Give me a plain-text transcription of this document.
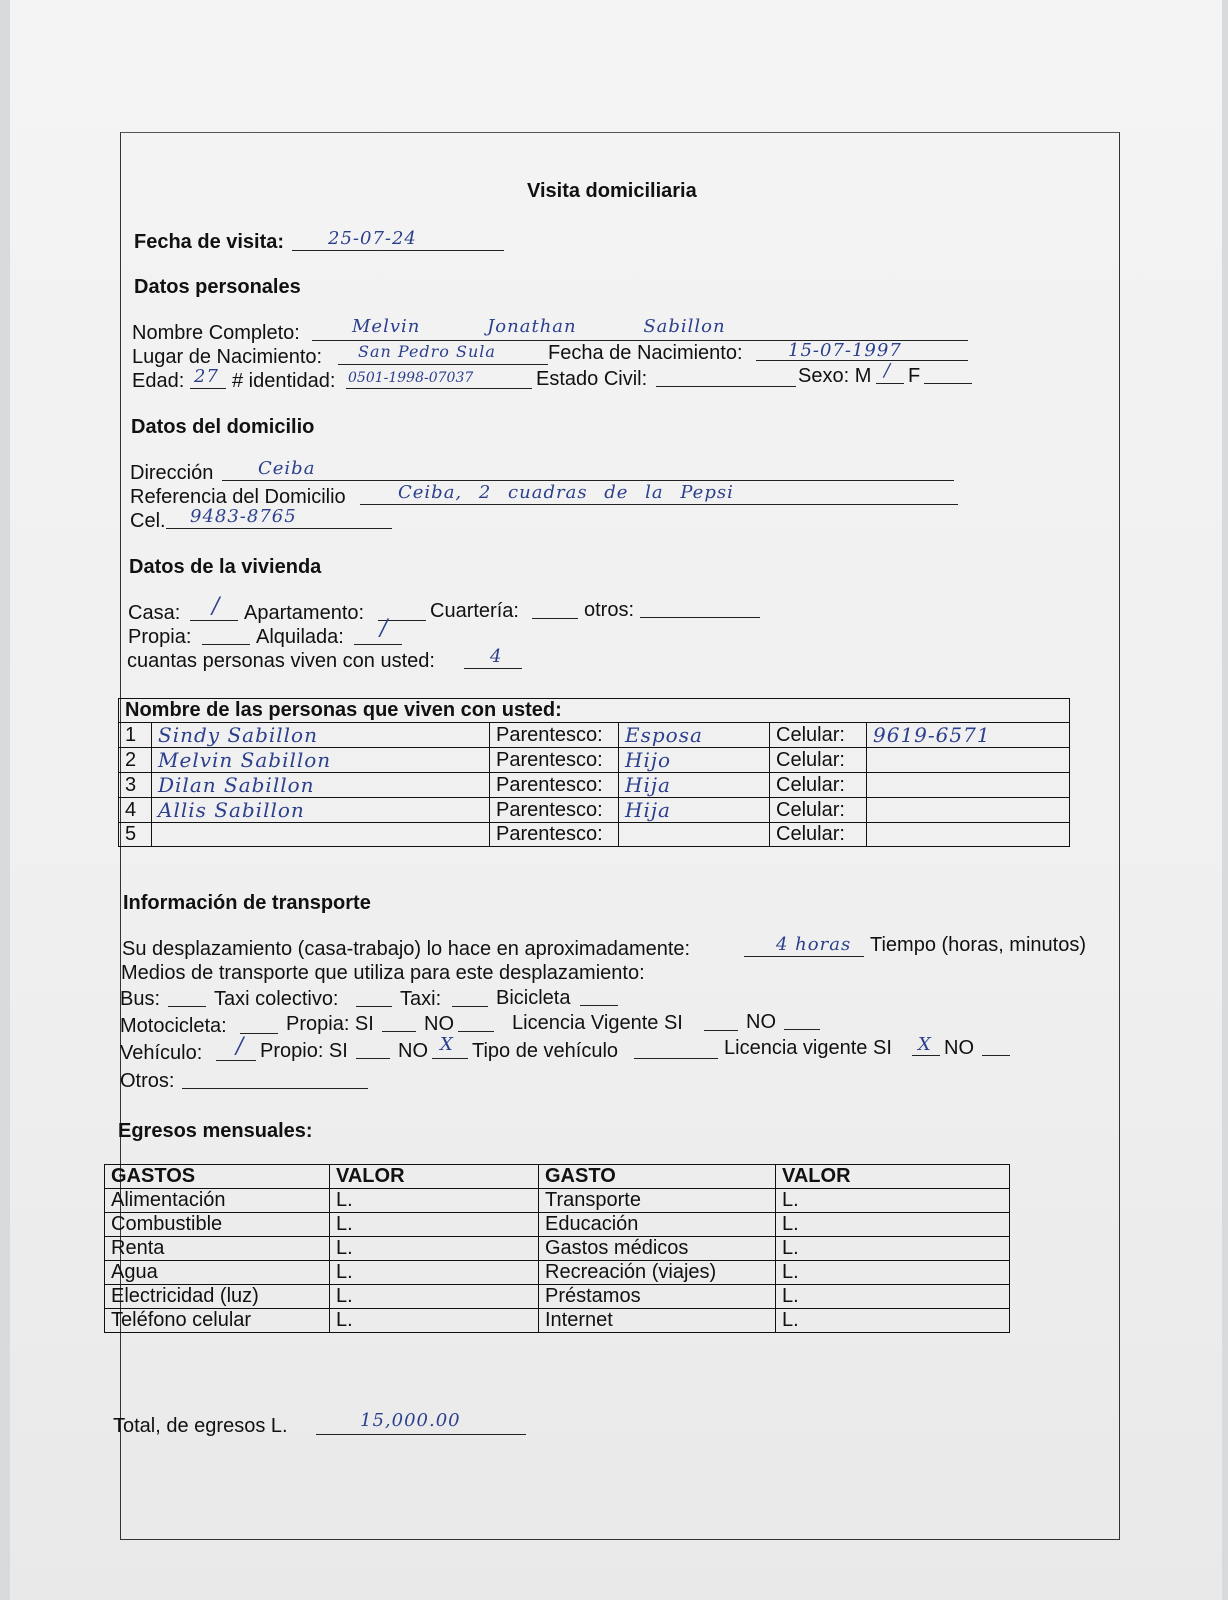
Visita domiciliaria
Fecha de visita: 25-07-24
Datos personales
Nombre Completo:	Melvin Jonathan Sabillon
Lugar de Nacimiento: San Pedro Sula	Fecha de Nacimiento:	15-07-1997
Edad: 27 # identidad: 0501-1998-07037	Estado Civil:	Sexo: M / F
Datos del domicilio
Dirección Ceiba
Referencia del Domicilio	Ceiba, 2 cuadras de la Pepsi
Cel. 9483-8765
Datos de la vivienda
Casa: / Apartamento:	Cuartería:	otros:
Propia:	Alquilada: /
cuantas personas viven con usted:	4
Nombre de las personas que viven con usted:					
1	Sindy Sabillon	Parentesco:	Esposa	Celular:	9619-6571
2	Melvin Sabillon	Parentesco:	Hijo	Celular:	
3	Dilan Sabillon	Parentesco:	Hija	Celular:	
4	Allis Sabillon	Parentesco:	Hija	Celular:	
5		Parentesco:		Celular:	
Información de transporte
Su desplazamiento (casa-trabajo) lo hace en aproximadamente:	4 horas Tiempo (horas, minutos)
Medios de transporte que utiliza para este desplazamiento:
Bus:	Taxi colectivo:	Taxi:	Bicicleta
Motocicleta:	Propia: SI	NO	Licencia Vigente SI	NO
Vehículo: / Propio: SI	NO X Tipo de vehículo	Licencia vigente SI X NO
Otros:
Egresos mensuales:
GASTOS	VALOR	GASTO	VALOR
Alimentación	L.	Transporte	L.
Combustible	L.	Educación	L.
Renta	L.	Gastos médicos	L.
Agua	L.	Recreación (viajes)	L.
Electricidad (luz)	L.	Préstamos	L.
Teléfono celular	L.	Internet	L.
Total, de egresos L.	15,000.00
